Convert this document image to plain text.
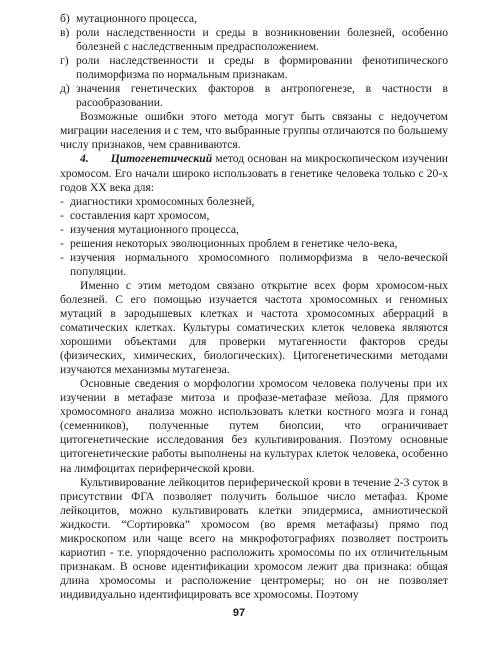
б) мутационного процесса,
в) роли наследственности и среды в возникновении болезней, особенно болезней с наследственным предрасположением.
г) роли наследственности и среды в формировании фенотипического полиморфизма по нормальным признакам.
д) значения генетических факторов в антропогенезе, в частности в расообразовании.

Возможные ошибки этого метода могут быть связаны с недоучетом миграции населения и с тем, что выбранные группы отличаются по большему числу признаков, чем сравниваются.

4. Цитогенетический метод основан на микроскопическом изучении хромосом. Его начали широко использовать в генетике человека только с 20-х годов XX века для:

- диагностики хромосомных болезней,
- составления карт хромосом,
- изучения мутационного процесса,
- решения некоторых эволюционных проблем в генетике чело-века,
- изучения нормального хромосомного полиморфизма в чело-веческой популяции.

Именно с этим методом связано открытие всех форм хромосом-ных болезней. С его помощью изучается частота хромосомных и геномных мутаций в зародышевых клетках и частота хромосомных аберраций в соматических клетках. Культуры соматических клеток человека являются хорошими объектами для проверки мутагенности факторов среды (физических, химических, биологических). Цитогенетическими методами изучаются механизмы мутагенеза.

Основные сведения о морфологии хромосом человека получены при их изучении в метафазе митоза и профазе-метафазе мейоза. Для прямого хромосомного анализа можно использовать клетки костного мозга и гонад (семенников), полученные путем биопсии, что ограничивает цитогенетические исследования без культивирования. Поэтому основные цитогенетические работы выполнены на культурах клеток человека, особенно на лимфоцитах периферической крови.

Культивирование лейкоцитов периферической крови в течение 2-3 суток в присутствии ФГА позволяет получить большое число метафаз. Кроме лейкоцитов, можно культивировать клетки эпидермиса, амниотической жидкости. “Сортировка” хромосом (во время метафазы) прямо под микроскопом или чаще всего на микрофотографиях позволяет построить кариотип - т.е. упорядоченно расположить хромосомы по их отличительным признакам. В основе идентификации хромосом лежит два признака: общая длина хромосомы и расположение центромеры; но он не позволяет индивидуально идентифицировать все хромосомы. Поэтому

97
